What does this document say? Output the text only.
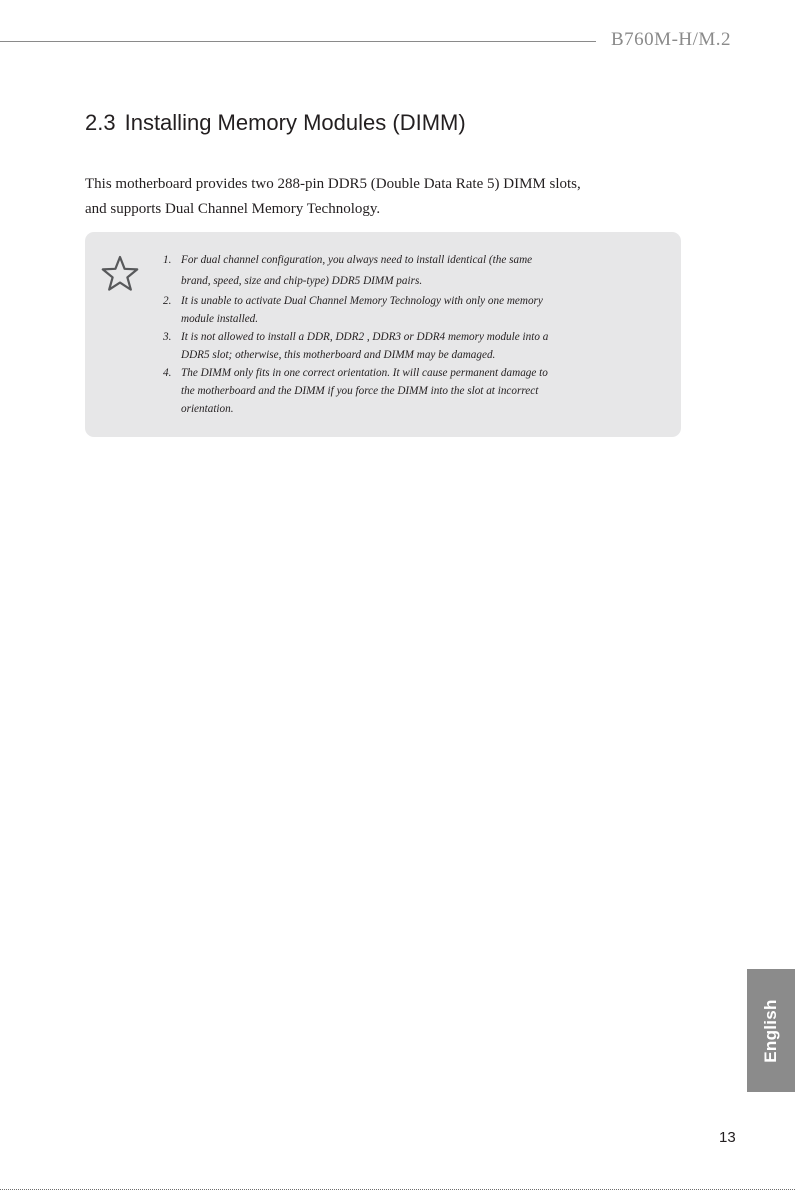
B760M-H/M.2
2.3 Installing Memory Modules (DIMM)
This motherboard provides two 288-pin DDR5 (Double Data Rate 5) DIMM slots,
and supports Dual Channel Memory Technology.
1. For dual channel configuration, you always need to install identical (the same
brand, speed, size and chip-type) DDR5 DIMM pairs.
2. It is unable to activate Dual Channel Memory Technology with only one memory
module installed.
3. It is not allowed to install a DDR, DDR2 , DDR3 or DDR4 memory module into a
DDR5 slot; otherwise, this motherboard and DIMM may be damaged.
4. The DIMM only fits in one correct orientation. It will cause permanent damage to
the motherboard and the DIMM if you force the DIMM into the slot at incorrect
orientation.
English
13
